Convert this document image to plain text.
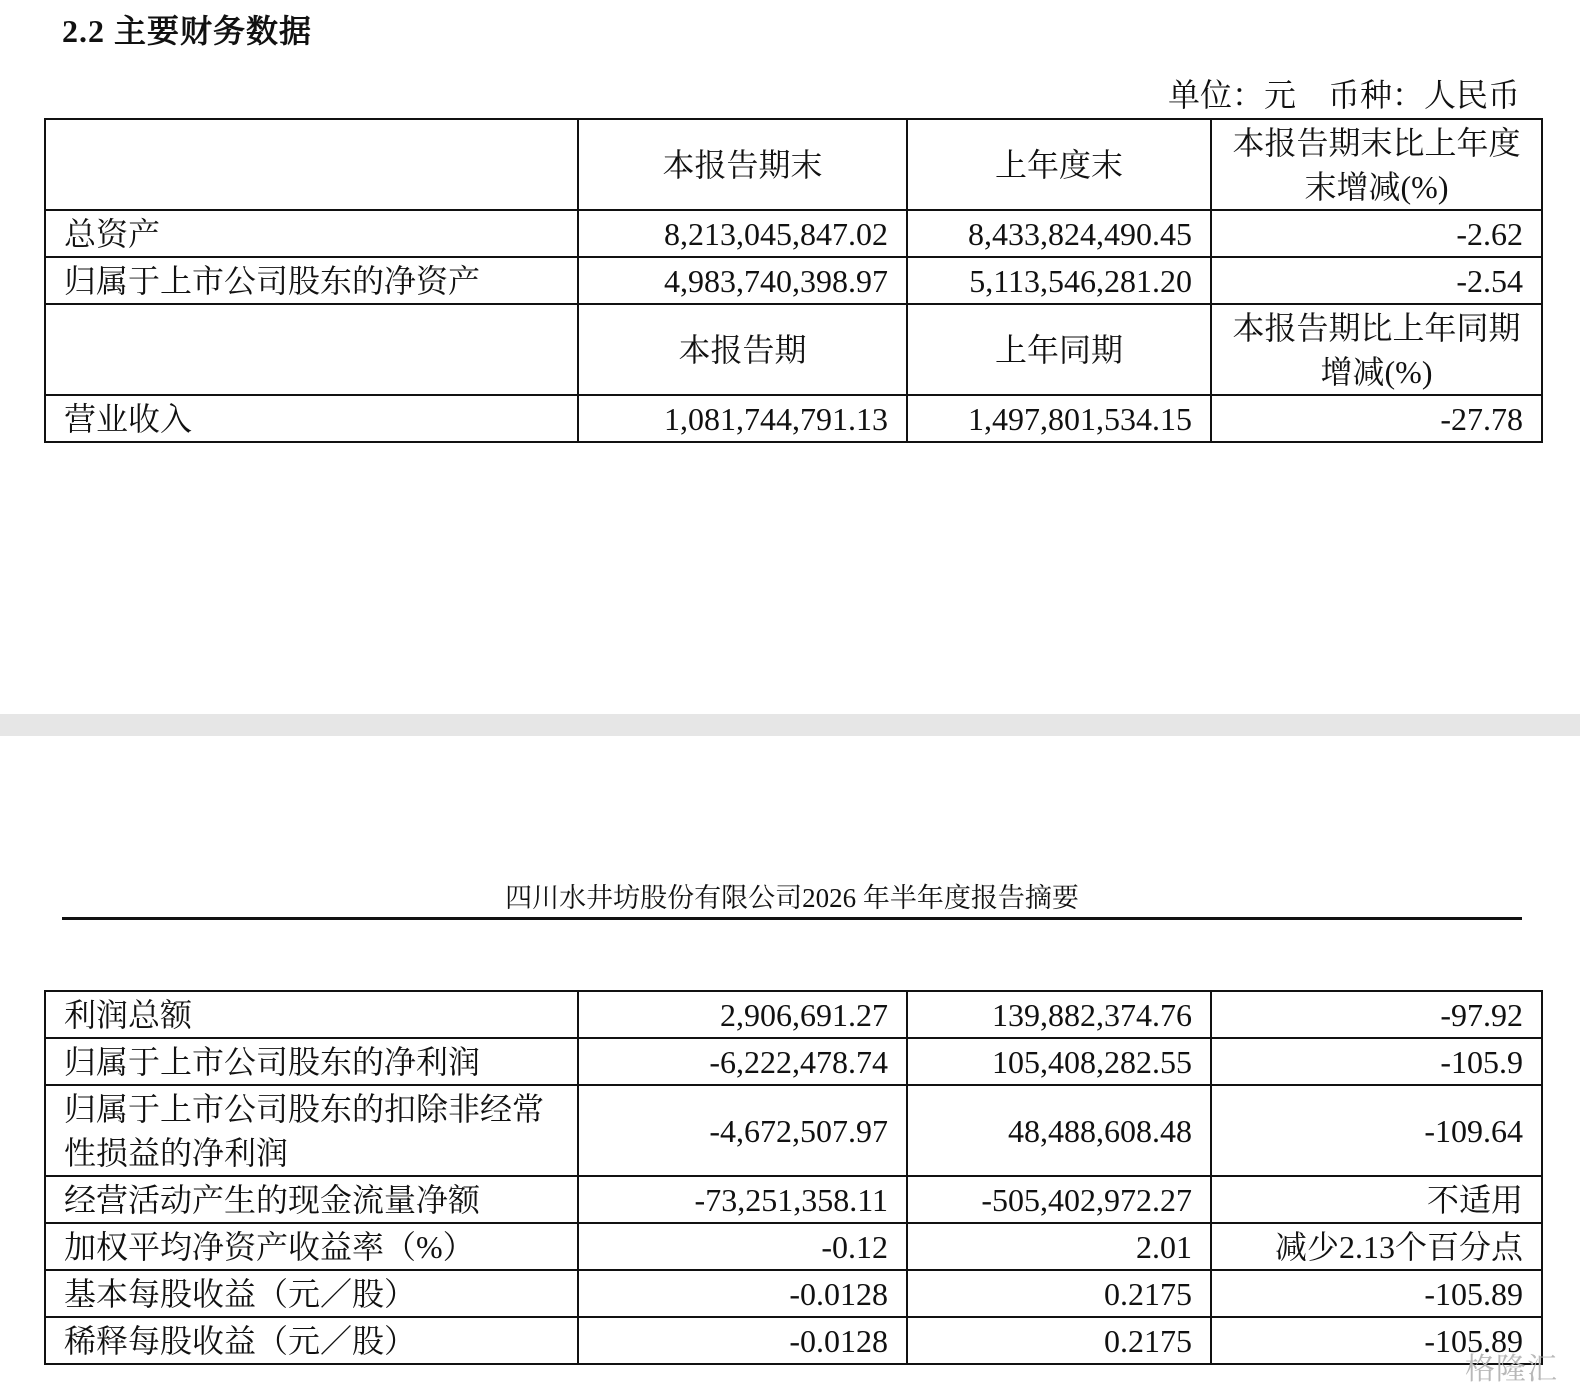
2.2 主要财务数据
单位：元    币种：人民币
	本报告期末	上年度末	本报告期末比上年度末增减(%)
总资产	8,213,045,847.02	8,433,824,490.45	-2.62
归属于上市公司股东的净资产	4,983,740,398.97	5,113,546,281.20	-2.54
	本报告期	上年同期	本报告期比上年同期增减(%)
营业收入	1,081,744,791.13	1,497,801,534.15	-27.78
四川水井坊股份有限公司2026 年半年度报告摘要
利润总额	2,906,691.27	139,882,374.76	-97.92
归属于上市公司股东的净利润	-6,222,478.74	105,408,282.55	-105.9
归属于上市公司股东的扣除非经常性损益的净利润	-4,672,507.97	48,488,608.48	-109.64
经营活动产生的现金流量净额	-73,251,358.11	-505,402,972.27	不适用
加权平均净资产收益率（%）	-0.12	2.01	减少2.13个百分点
基本每股收益（元／股）	-0.0128	0.2175	-105.89
稀释每股收益（元／股）	-0.0128	0.2175	-105.89
格隆汇
